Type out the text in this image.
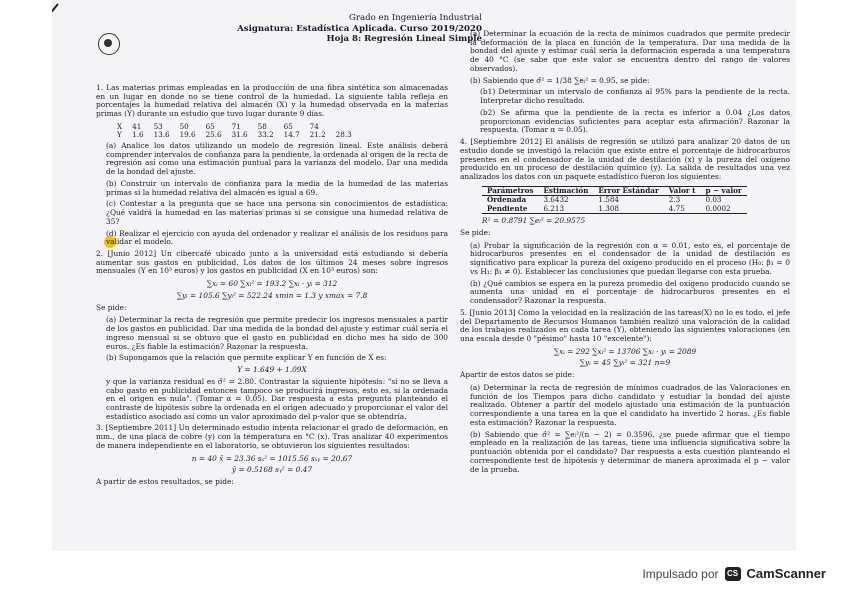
Grado en Ingeniería Industrial
Asignatura: Estadística Aplicada. Curso 2019/2020
Hoja 8: Regresión Lineal Simple

1. Las materias primas empleadas en la producción de una fibra sintética son almacenadas en un lugar en donde no se tiene control de la humedad. La siguiente tabla refleja en porcentajes la humedad relativa del almacén (X) y la humedad observada en la materias primas (Y) durante un estudio que tuvo lugar durante 9 días.

X	41	53	50	65	71	58	65	74	
Y	1.6	13.6	19.6	25.6	31.6	33.2	14.7	21.2	28.3

(a) Analice los datos utilizando un modelo de regresión lineal. Este análisis deberá comprender intervalos de confianza para la pendiente, la ordenada al origen de la recta de regresión así como una estimación puntual para la varianza del modelo. Dar una medida de la bondad del ajuste.

(b) Construir un intervalo de confianza para la media de la humedad de las materias primas si la humedad relativa del almacén es igual a 69.

(c) Contestar a la pregunta que se hace una persona sin conocimientos de estadística: ¿Qué valdrá la humedad en las materias primas si se consigue una humedad relativa de 35?

(d) Realizar el ejercicio con ayuda del ordenador y realizar el análisis de los residuos para validar el modelo.

2. [Junio 2012] Un cibercafé ubicado junto a la universidad está estudiando si debería aumentar sus gastos en publicidad. Los datos de los últimos 24 meses sobre ingresos mensuales (Y en 10³ euros) y los gastos en publicidad (X en 10³ euros) son:

∑xᵢ = 60 ∑xᵢ² = 193.2 ∑xᵢ · yᵢ = 312
∑yᵢ = 105.6 ∑yᵢ² = 522.24 xmin = 1.3 y xmax = 7.8

Se pide:

(a) Determinar la recta de regresión que permite predecir los ingresos mensuales a partir de los gastos en publicidad. Dar una medida de la bondad del ajuste y estimar cuál sería el ingreso mensual si se obtuvo que el gasto en publicidad en dicho mes ha sido de 300 euros. ¿Es fiable la estimación? Razonar la respuesta.

(b) Supongamos que la relación que permite explicar Y en función de X es:

Y = 1.649 + 1.09X

y que la varianza residual es σ̂² = 2.80. Contrastar la siguiente hipótesis: "si no se lleva a cabo gasto en publicidad entonces tampoco se producirá ingresos, esto es, si la ordenada en el origen es nula". (Tomar α = 0.05). Dar respuesta a esta pregunta planteando el contraste de hipótesis sobre la ordenada en el origen adecuado y proporcionar el valor del estadístico asociado así como un valor aproximado del p-valor que se obtendría.

3. [Septiembre 2011] Un determinado estudio intenta relacionar el grado de deformación, en mm., de una placa de cobre (y) con la temperatura en °C (x). Tras analizar 40 experimentos de manera independiente en el laboratorio, se obtuvieron los siguientes resultados:

n = 40 x̄ = 23.36 sₓ² = 1015.56 sₓᵧ = 20.67
ȳ = 0.5168 sᵧ² = 0.47

A partir de estos resultados, se pide:

(a) Determinar la ecuación de la recta de mínimos cuadrados que permite predecir la deformación de la placa en función de la temperatura. Dar una medida de la bondad del ajuste y estimar cuál sería la deformación esperada a una temperatura de 40 °C (se sabe que este valor se encuentra dentro del rango de valores observados).

(b) Sabiendo que σ̂² = 1/38 ∑eᵢ² = 0.95, se pide:

(b1) Determinar un intervalo de confianza al 95% para la pendiente de la recta. Interpretar dicho resultado.

(b2) Se afirma que la pendiente de la recta es inferior a 0.04 ¿Los datos proporcionan evidencias suficientes para aceptar esta afirmación? Razonar la respuesta. (Tomar α = 0.05).

4. [Septiembre 2012] El análisis de regresión se utilizó para analizar 20 datos de un estudio donde se investigó la relación que existe entre el porcentaje de hidrocarburos presentes en el condensador de la unidad de destilación (x) y la pureza del oxígeno producido en un proceso de destilación químico (y). La salida de resultados una vez analizados los datos con un paquete estadístico fueron los siguientes:

Parámetros	Estimación	Error Estándar	Valor t	p − valor
Ordenada	3.6432	1.584	2.3	0.03
Pendiente	6.213	1.308	4.75	0.0002
R² = 0.8791 ∑eᵢ² = 20.9575

Se pide:

(a) Probar la significación de la regresión con α = 0.01, esto es, el porcentaje de hidrocarburos presentes en el condensador de la unidad de destilación es significativo para explicar la pureza del oxígeno producido en el proceso (H₀: β₁ = 0 vs H₁: β₁ ≠ 0). Establecer las conclusiones que puedan llegarse con esta prueba.

(b) ¿Qué cambios se espera en la pureza promedio del oxígeno producido cuando se aumenta una unidad en el porcentaje de hidrocarburos presentes en el condensador? Razonar la respuesta.

5. [Junio 2013] Como la velocidad en la realización de las tareas(X) no lo es todo, el jefe del Departamento de Recursos Humanos también realizó una valoración de la calidad de los trabajos realizados en cada tarea (Y), obteniendo las siguientes valoraciones (en una escala desde 0 "pésimo" hasta 10 "excelente"):

∑xᵢ = 292 ∑xᵢ² = 13706 ∑xᵢ · yᵢ = 2089
∑yᵢ = 45 ∑yᵢ² = 321 n=9

Apartir de estos datos se pide:

(a) Determinar la recta de regresión de mínimos cuadrados de las Valoraciones en función de los Tiempos para dicho candidato y estudiar la bondad del ajuste realizado. Obtener a partir del modelo ajustado una estimación de la puntuación correspondiente a una tarea en la que el candidato ha invertido 2 horas. ¿Es fiable esta estimación? Razonar la respuesta.

(b) Sabiendo que σ̂² = ∑eᵢ²/(n − 2) = 0.3596, ¿se puede afirmar que el tiempo empleado en la realización de las tareas, tiene una influencia significativa sobre la puntuación obtenida por el candidato? Dar respuesta a esta cuestión planteando el correspondiente test de hipótesis y determinar de manera aproximada el p − valor de la prueba.

Impulsado por	CS CamScanner
